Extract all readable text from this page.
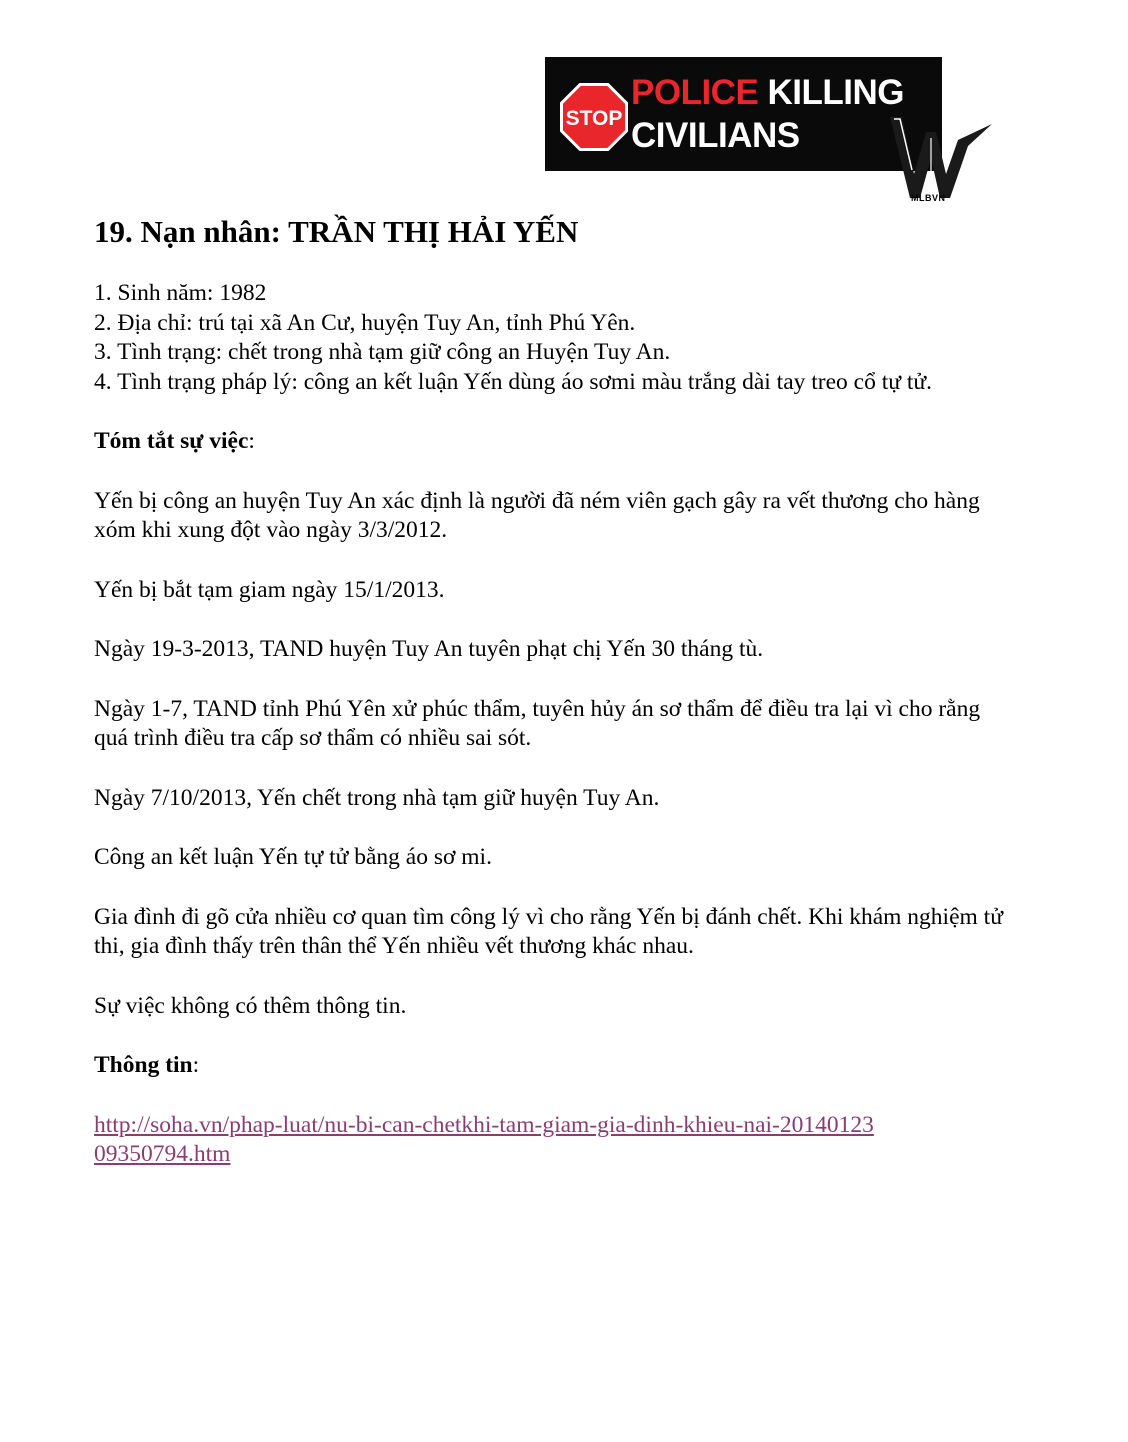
STOP
POLICE KILLING
CIVILIANS
MLBVN
19. Nạn nhân: TRẦN THỊ HẢI YẾN
1. Sinh năm: 1982
2. Địa chỉ: trú tại xã An Cư, huyện Tuy An, tỉnh Phú Yên.
3. Tình trạng: chết trong nhà tạm giữ công an Huyện Tuy An.
4. Tình trạng pháp lý: công an kết luận Yến dùng áo sơmi màu trắng dài tay treo cổ tự tử.
Tóm tắt sự việc:

Yến bị công an huyện Tuy An xác định là người đã ném viên gạch gây ra vết thương cho hàng xóm khi xung đột vào ngày 3/3/2012.

Yến bị bắt tạm giam ngày 15/1/2013.

Ngày 19-3-2013, TAND huyện Tuy An tuyên phạt chị Yến 30 tháng tù.

Ngày 1-7, TAND tỉnh Phú Yên xử phúc thẩm, tuyên hủy án sơ thẩm để điều tra lại vì cho rằng quá trình điều tra cấp sơ thẩm có nhiều sai sót.

Ngày 7/10/2013, Yến chết trong nhà tạm giữ huyện Tuy An.

Công an kết luận Yến tự tử bằng áo sơ mi.

Gia đình đi gõ cửa nhiều cơ quan tìm công lý vì cho rằng Yến bị đánh chết. Khi khám nghiệm tử thi, gia đình thấy trên thân thể Yến nhiều vết thương khác nhau.

Sự việc không có thêm thông tin.

Thông tin:

http://soha.vn/phap-luat/nu-bi-can-chetkhi-tam-giam-gia-dinh-khieu-nai-2014012309350794.htm
